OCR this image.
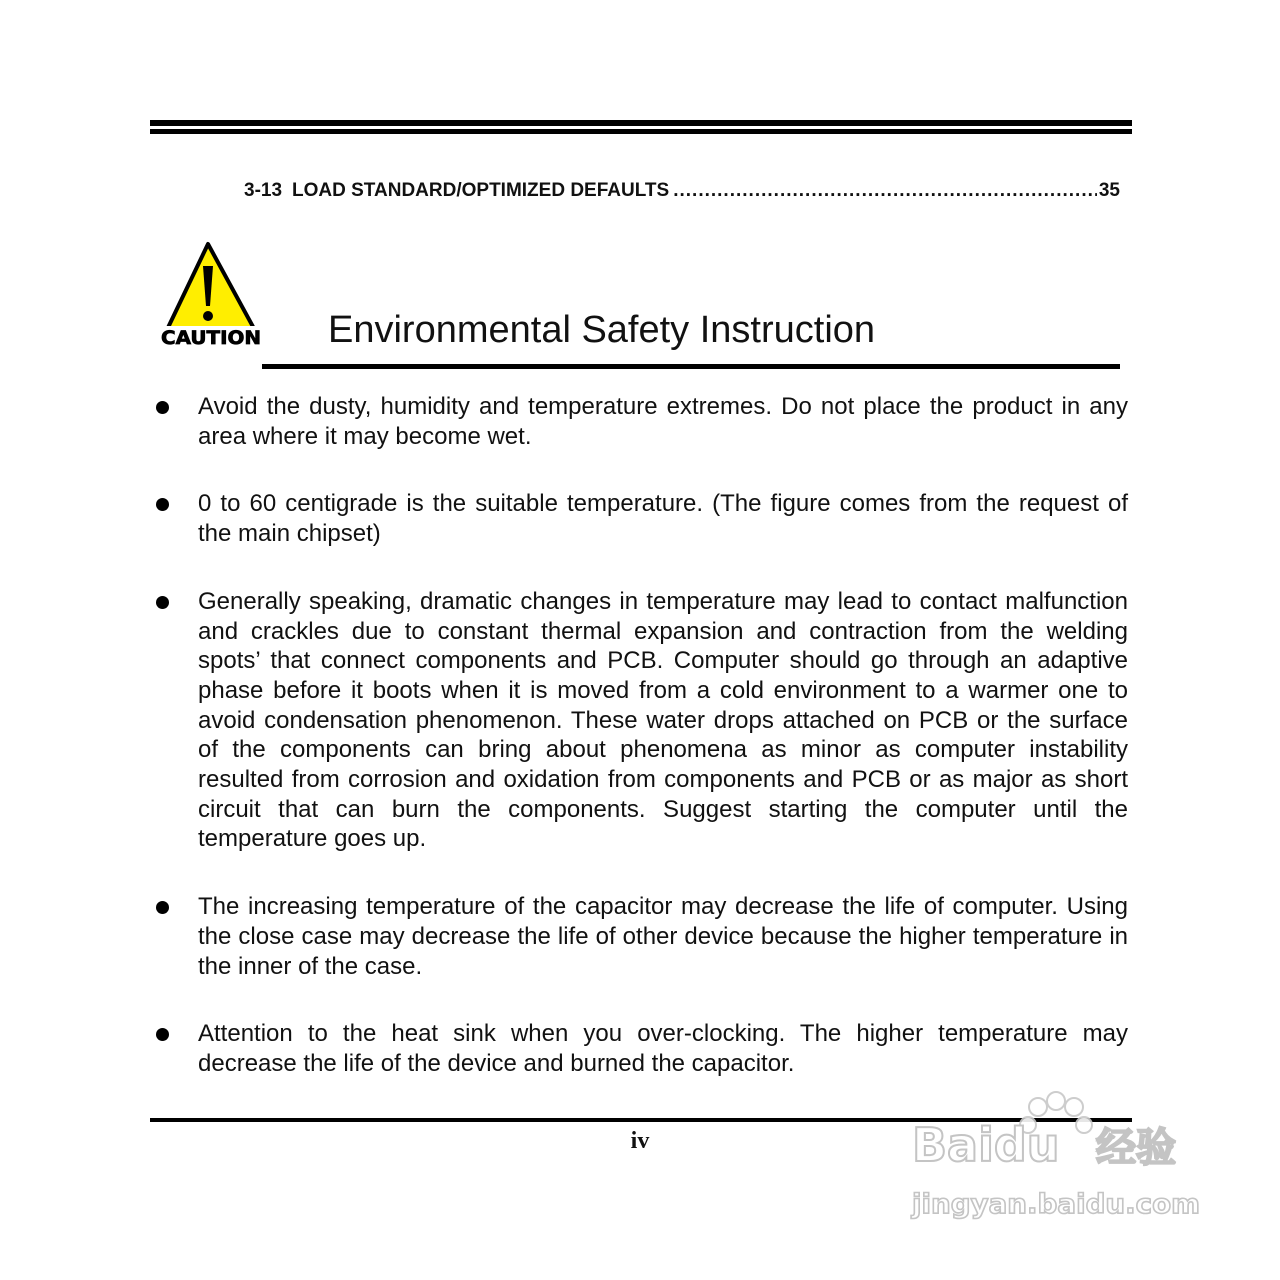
3-13 LOAD STANDARD/OPTIMIZED DEFAULTS
.....	35
CAUTION Environmental Safety Instruction
Avoid the dusty, humidity and temperature extremes. Do not place the product in any area where it may become wet.
0 to 60 centigrade is the suitable temperature. (The figure comes from the request of the main chipset)
Generally speaking, dramatic changes in temperature may lead to contact malfunction and crackles due to constant thermal expansion and contraction from the welding spots’ that connect components and PCB. Computer should go through an adaptive phase before it boots when it is moved from a cold environment to a warmer one to avoid condensation phenomenon. These water drops attached on PCB or the surface of the components can bring about phenomena as minor as computer instability resulted from corrosion and oxidation from components and PCB or as major as short circuit that can burn the components. Suggest starting the computer until the temperature goes up.
The increasing temperature of the capacitor may decrease the life of computer. Using the close case may decrease the life of other device because the higher temperature in the inner of the case.
Attention to the heat sink when you over-clocking. The higher temperature may decrease the life of the device and burned the capacitor.
iv	Baidu 经验
jingyan.baidu.com
